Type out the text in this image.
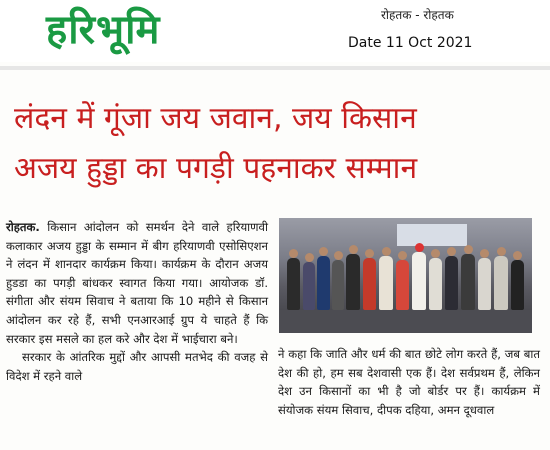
हरिभूमि	रोहतक - रोहतक
Date 11 Oct 2021
लंदन में गूंजा जय जवान, जय किसान
अजय हुड्डा का पगड़ी पहनाकर सम्मान

रोहतक. किसान आंदोलन को समर्थन देने वाले हरियाणवी कलाकार अजय हुड्डा के सम्मान में बीग हरियाणवी एसोसिएशन ने लंदन में शानदार कार्यक्रम किया। कार्यक्रम के दौरान अजय हुडडा का पगड़ी बांधकर स्वागत किया गया। आयोजक डॉ. संगीता और संयम सिवाच ने बताया कि 10 महीने से किसान आंदोलन कर रहे हैं, सभी एनआरआई ग्रुप ये चाहते हैं कि सरकार इस मसले का हल करे और देश में भाईचारा बने।

सरकार के आंतरिक मुद्दों और आपसी मतभेद की वजह से विदेश में रहने वाले

ने कहा कि जाति और धर्म की बात छोटे लोग करते हैं, जब बात देश की हो, हम सब देशवासी एक हैं। देश सर्वप्रथम हैं, लेकिन देश उन किसानों का भी है जो बोर्डर पर हैं। कार्यक्रम में संयोजक संयम सिवाच, दीपक दहिया, अमन दूधवाल
